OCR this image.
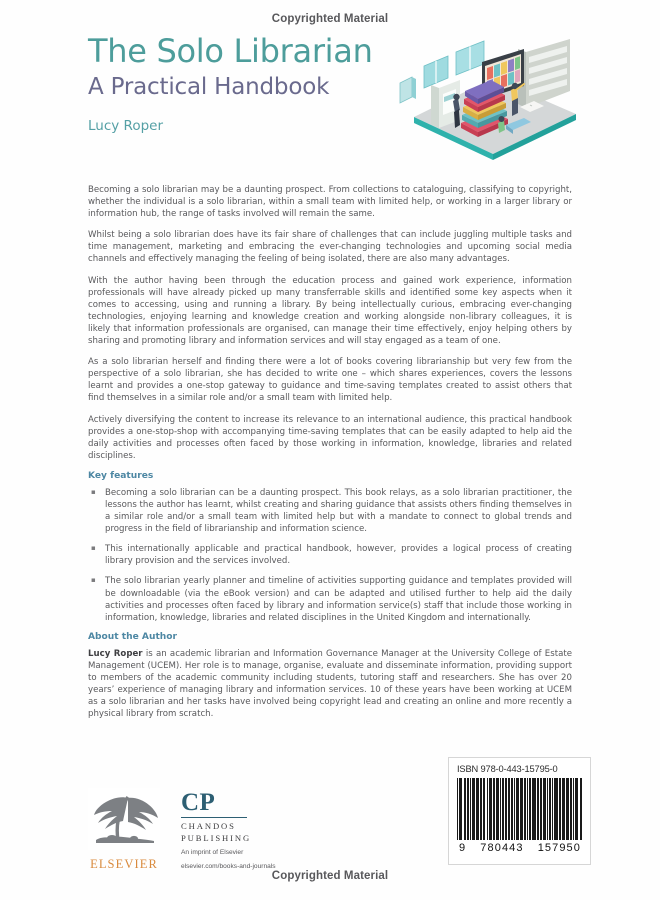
Copyrighted Material
The Solo Librarian
A Practical Handbook
Lucy Roper

Becoming a solo librarian may be a daunting prospect. From collections to cataloguing, classifying to copyright, whether the individual is a solo librarian, within a small team with limited help, or working in a larger library or information hub, the range of tasks involved will remain the same.

Whilst being a solo librarian does have its fair share of challenges that can include juggling multiple tasks and time management, marketing and embracing the ever-changing technologies and upcoming social media channels and effectively managing the feeling of being isolated, there are also many advantages.

With the author having been through the education process and gained work experience, information professionals will have already picked up many transferrable skills and identified some key aspects when it comes to accessing, using and running a library. By being intellectually curious, embracing ever-changing technologies, enjoying learning and knowledge creation and working alongside non-library colleagues, it is likely that information professionals are organised, can manage their time effectively, enjoy helping others by sharing and promoting library and information services and will stay engaged as a team of one.

As a solo librarian herself and finding there were a lot of books covering librarianship but very few from the perspective of a solo librarian, she has decided to write one – which shares experiences, covers the lessons learnt and provides a one-stop gateway to guidance and time-saving templates created to assist others that find themselves in a similar role and/or a small team with limited help.

Actively diversifying the content to increase its relevance to an international audience, this practical handbook provides a one-stop-shop with accompanying time-saving templates that can be easily adapted to help aid the daily activities and processes often faced by those working in information, knowledge, libraries and related disciplines.

Key features
▪ Becoming a solo librarian can be a daunting prospect. This book relays, as a solo librarian practitioner, the lessons the author has learnt, whilst creating and sharing guidance that assists others finding themselves in a similar role and/or a small team with limited help but with a mandate to connect to global trends and progress in the field of librarianship and information science.
▪ This internationally applicable and practical handbook, however, provides a logical process of creating library provision and the services involved.
▪ The solo librarian yearly planner and timeline of activities supporting guidance and templates provided will be downloadable (via the eBook version) and can be adapted and utilised further to help aid the daily activities and processes often faced by library and information service(s) staff that include those working in information, knowledge, libraries and related disciplines in the United Kingdom and internationally.
About the Author

Lucy Roper is an academic librarian and Information Governance Manager at the University College of Estate Management (UCEM). Her role is to manage, organise, evaluate and disseminate information, providing support to members of the academic community including students, tutoring staff and researchers. She has over 20 years’ experience of managing library and information services. 10 of these years have been working at UCEM as a solo librarian and her tasks have involved being copyright lead and creating an online and more recently a physical library from scratch.

ISBN 978-0-443-15795-0
9 780443 157950
ELSEVIER
CP
CHANDOS
PUBLISHING
An imprint of Elsevier
elsevier.com/books-and-journals
Copyrighted Material
